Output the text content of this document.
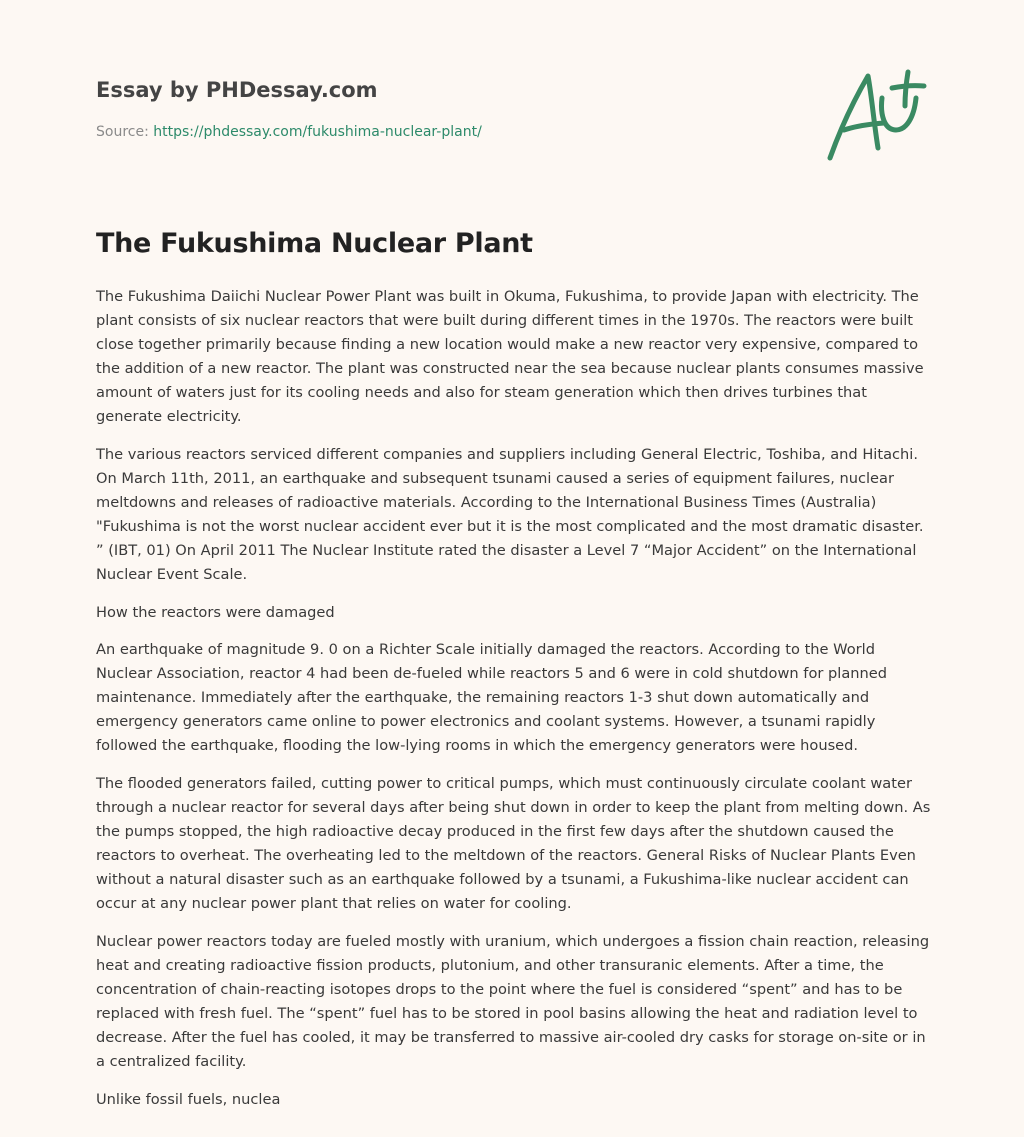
Essay by PHDessay.com

Source: https://phdessay.com/fukushima-nuclear-plant/
The Fukushima Nuclear Plant

The Fukushima Daiichi Nuclear Power Plant was built in Okuma, Fukushima, to provide Japan with electricity. The plant consists of six nuclear reactors that were built during different times in the 1970s. The reactors were built close together primarily because finding a new location would make a new reactor very expensive, compared to the addition of a new reactor. The plant was constructed near the sea because nuclear plants consumes massive amount of waters just for its cooling needs and also for steam generation which then drives turbines that generate electricity.

The various reactors serviced different companies and suppliers including General Electric, Toshiba, and Hitachi. On March 11th, 2011, an earthquake and subsequent tsunami caused a series of equipment failures, nuclear meltdowns and releases of radioactive materials. According to the International Business Times (Australia) "Fukushima is not the worst nuclear accident ever but it is the most complicated and the most dramatic disaster. ” (IBT, 01) On April 2011 The Nuclear Institute rated the disaster a Level 7 “Major Accident” on the International Nuclear Event Scale.

How the reactors were damaged

An earthquake of magnitude 9. 0 on a Richter Scale initially damaged the reactors. According to the World Nuclear Association, reactor 4 had been de-fueled while reactors 5 and 6 were in cold shutdown for planned maintenance. Immediately after the earthquake, the remaining reactors 1-3 shut down automatically and emergency generators came online to power electronics and coolant systems. However, a tsunami rapidly followed the earthquake, flooding the low-lying rooms in which the emergency generators were housed.

The flooded generators failed, cutting power to critical pumps, which must continuously circulate coolant water through a nuclear reactor for several days after being shut down in order to keep the plant from melting down. As the pumps stopped, the high radioactive decay produced in the first few days after the shutdown caused the reactors to overheat. The overheating led to the meltdown of the reactors. General Risks of Nuclear Plants Even without a natural disaster such as an earthquake followed by a tsunami, a Fukushima-like nuclear accident can occur at any nuclear power plant that relies on water for cooling.

Nuclear power reactors today are fueled mostly with uranium, which undergoes a fission chain reaction, releasing heat and creating radioactive fission products, plutonium, and other transuranic elements. After a time, the concentration of chain-reacting isotopes drops to the point where the fuel is considered “spent” and has to be replaced with fresh fuel. The “spent” fuel has to be stored in pool basins allowing the heat and radiation level to decrease. After the fuel has cooled, it may be transferred to massive air-cooled dry casks for storage on-site or in a centralized facility.

Unlike fossil fuels, nuclea
